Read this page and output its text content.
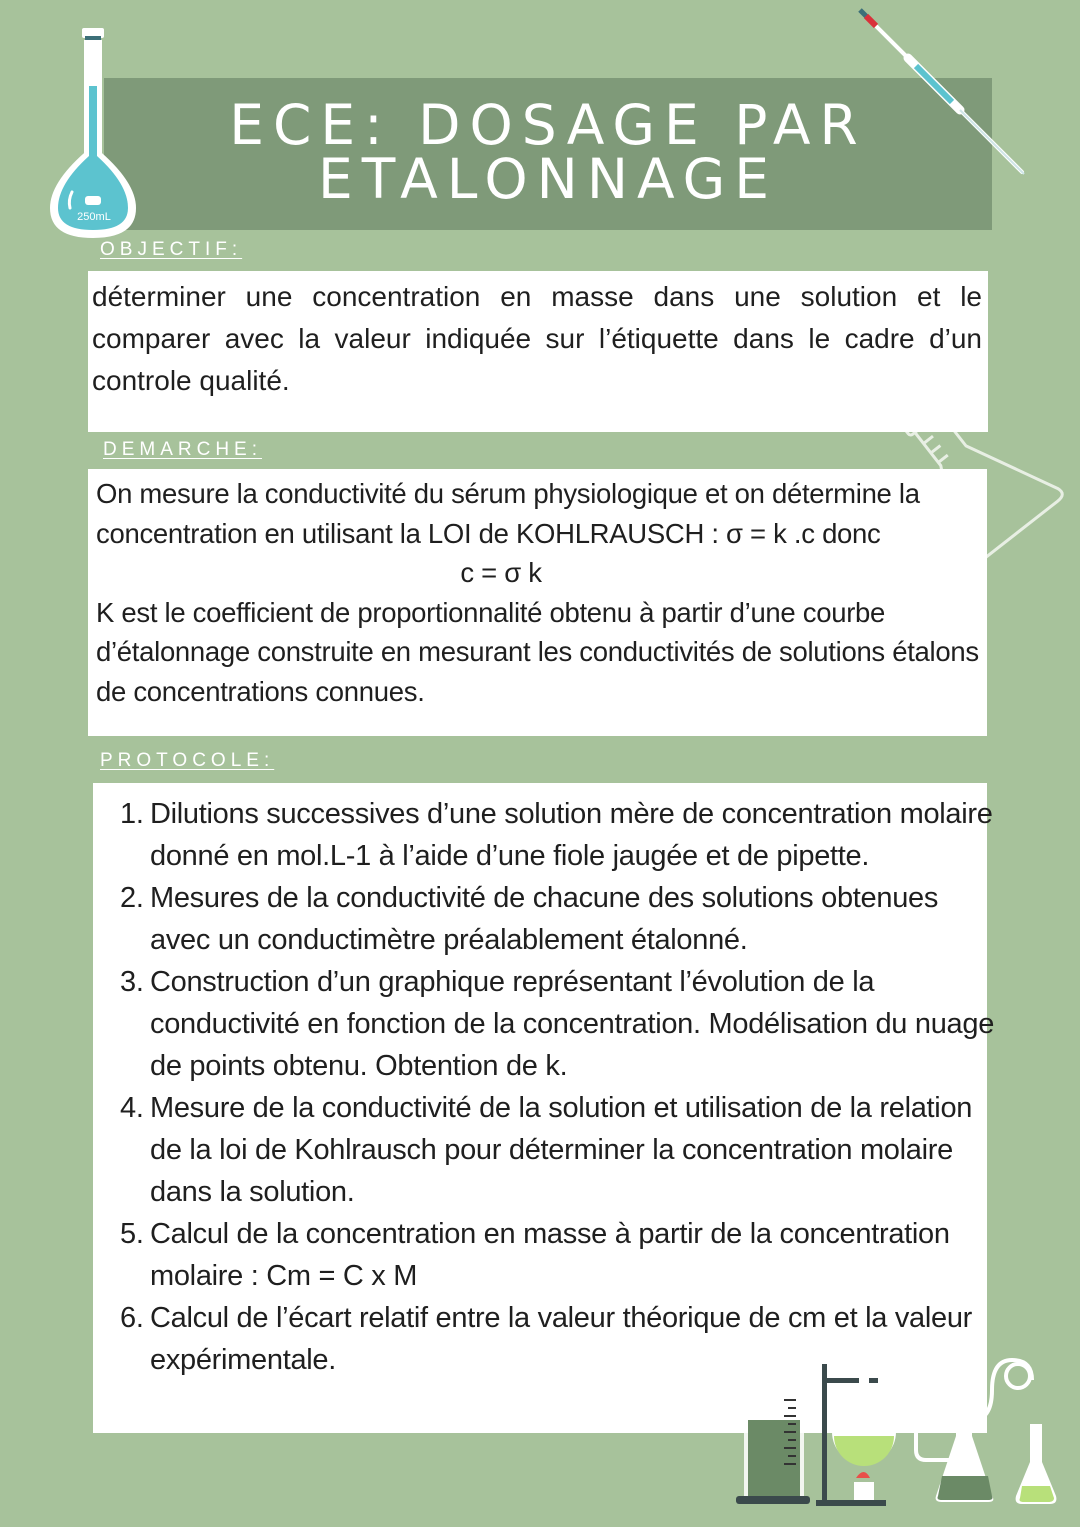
ECE: DOSAGE PAR
ETALONNAGE
250mL
OBJECTIF:
déterminer une concentration en masse dans une solution et le comparer avec la valeur indiquée sur l’étiquette dans le cadre d’un controle qualité.
DEMARCHE:
On mesure la conductivité du sérum physiologique et on détermine la concentration en utilisant la LOI de KOHLRAUSCH : σ = k .c donc
c = σ k
K est le coefficient de proportionnalité obtenu à partir d’une courbe d’étalonnage construite en mesurant les conductivités de solutions étalons de concentrations connues.
PROTOCOLE:
1. Dilutions successives d’une solution mère de concentration molaire donné en mol.L-1 à l’aide d’une fiole jaugée et de pipette.
2. Mesures de la conductivité de chacune des solutions obtenues avec un conductimètre préalablement étalonné.
3. Construction d’un graphique représentant l’évolution de la conductivité en fonction de la concentration. Modélisation du nuage de points obtenu. Obtention de k.
4. Mesure de la conductivité de la solution et utilisation de la relation de la loi de Kohlrausch pour déterminer la concentration molaire dans la solution.
5. Calcul de la concentration en masse à partir de la concentration molaire : Cm = C x M
6. Calcul de l’écart relatif entre la valeur théorique de cm et la valeur expérimentale.
